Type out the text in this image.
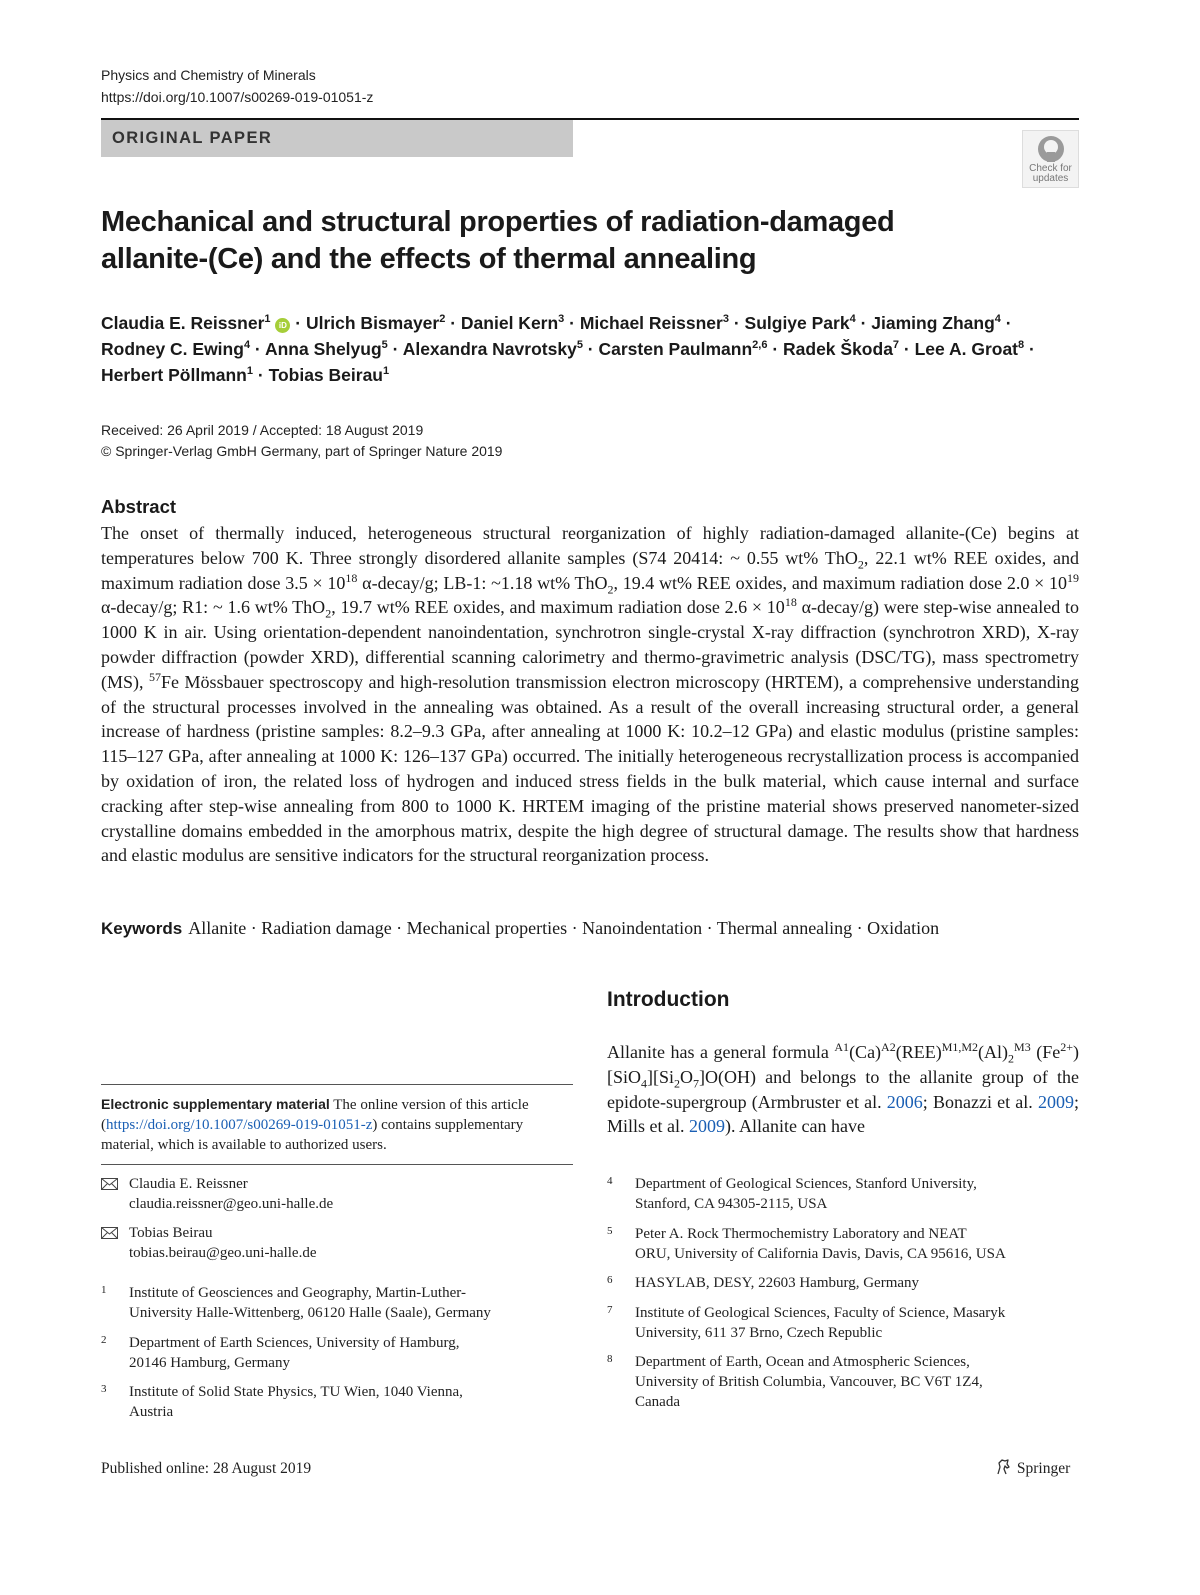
Physics and Chemistry of Minerals
https://doi.org/10.1007/s00269-019-01051-z
ORIGINAL PAPER
Check for
updates
Mechanical and structural properties of radiation-damaged
allanite-(Ce) and the effects of thermal annealing
Claudia E. Reissner$^1$ iD · Ulrich Bismayer$^2$ · Daniel Kern$^3$ · Michael Reissner$^3$ · Sulgiye Park$^4$ · Jiaming Zhang$^4$ ·
Rodney C. Ewing$^4$ · Anna Shelyug$^5$ · Alexandra Navrotsky$^5$ · Carsten Paulmann$^{2,6}$ · Radek Škoda$^7$ · Lee A. Groat$^8$ ·
Herbert Pöllmann$^1$ · Tobias Beirau$^1$
Received: 26 April 2019 / Accepted: 18 August 2019
© Springer-Verlag GmbH Germany, part of Springer Nature 2019
Abstract
The onset of thermally induced, heterogeneous structural reorganization of highly radiation-damaged allanite-(Ce) begins at temperatures below 700 K. Three strongly disordered allanite samples (S74 20414: ~ 0.55 wt% ThO$_2$, 22.1 wt% REE oxides, and maximum radiation dose $3.5 \times 10^{18}$ α-decay/g; LB-1: ~1.18 wt% ThO$_2$, 19.4 wt% REE oxides, and maximum radiation dose $2.0 \times 10^{19}$ α-decay/g; R1: ~ 1.6 wt% ThO$_2$, 19.7 wt% REE oxides, and maximum radiation dose $2.6 \times 10^{18}$ α-decay/g) were step-wise annealed to 1000 K in air. Using orientation-dependent nanoindentation, synchrotron single-crystal X-ray diffraction (synchrotron XRD), X-ray powder diffraction (powder XRD), differential scanning calorimetry and thermo-gravimetric analysis (DSC/TG), mass spectrometry (MS), $^{57}$Fe Mössbauer spectroscopy and high-resolution transmission electron microscopy (HRTEM), a comprehensive understanding of the structural processes involved in the annealing was obtained. As a result of the overall increasing structural order, a general increase of hardness (pristine samples: 8.2–9.3 GPa, after annealing at 1000 K: 10.2–12 GPa) and elastic modulus (pristine samples: 115–127 GPa, after annealing at 1000 K: 126–137 GPa) occurred. The initially heterogeneous recrystallization process is accompanied by oxidation of iron, the related loss of hydrogen and induced stress fields in the bulk material, which cause internal and surface cracking after step-wise annealing from 800 to 1000 K. HRTEM imaging of the pristine material shows preserved nanometer-sized crystalline domains embedded in the amorphous matrix, despite the high degree of structural damage. The results show that hardness and elastic modulus are sensitive indicators for the structural reorganization process.
Keywords Allanite · Radiation damage · Mechanical properties · Nanoindentation · Thermal annealing · Oxidation
Introduction
Allanite has a general formula $^{A1}(Ca)^{A2}(REE)^{M1,M2}(Al)_2^{M3}$ $(Fe^{2+})[SiO_4][Si_2O_7]O(OH)$ and belongs to the allanite group of the epidote-supergroup (Armbruster et al. 2006; Bonazzi et al. 2009; Mills et al. 2009). Allanite can have
Electronic supplementary material The online version of this article (https://doi.org/10.1007/s00269-019-01051-z) contains supplementary material, which is available to authorized users.
Claudia E. Reissner
claudia.reissner@geo.uni-halle.de
Tobias Beirau
tobias.beirau@geo.uni-halle.de
1 Institute of Geosciences and Geography, Martin-Luther-
University Halle-Wittenberg, 06120 Halle (Saale), Germany
2 Department of Earth Sciences, University of Hamburg,
20146 Hamburg, Germany
3 Institute of Solid State Physics, TU Wien, 1040 Vienna,
Austria
4 Department of Geological Sciences, Stanford University,
Stanford, CA 94305-2115, USA
5 Peter A. Rock Thermochemistry Laboratory and NEAT
ORU, University of California Davis, Davis, CA 95616, USA
6 HASYLAB, DESY, 22603 Hamburg, Germany
7 Institute of Geological Sciences, Faculty of Science, Masaryk
University, 611 37 Brno, Czech Republic
8 Department of Earth, Ocean and Atmospheric Sciences,
University of British Columbia, Vancouver, BC V6T 1Z4,
Canada
Published online: 28 August 2019	Springer
